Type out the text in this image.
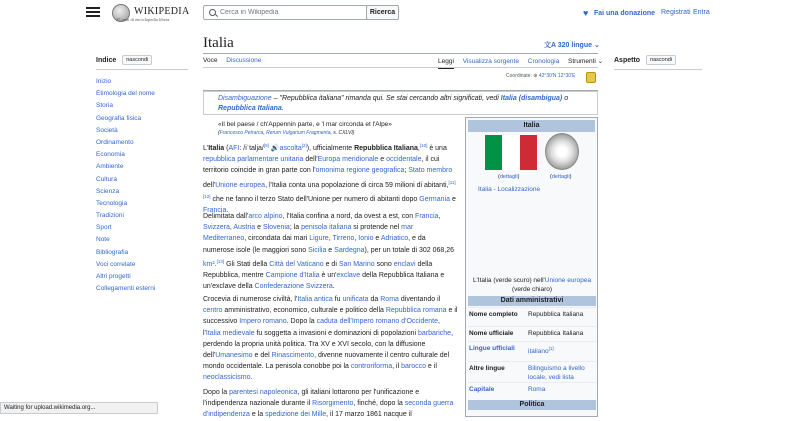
WIKIPEDIA
25 anni di enciclopedia libera
Cerca in Wikipedia
Ricerca	♥ Fai una donazione Registrati Entra
Indice	nascondi
Inizio
Etimologia del nome
Storia
Geografia fisica
Società
Ordinamento
Economia
Ambiente
Cultura
Scienza
Tecnologia
Tradizioni
Sport
Note
Bibliografia
Voci correlate
Altri progetti
Collegamenti esterni
Aspetto	nascondi
Italia	文A 320 lingue ⌄
Voce Discussione	Leggi Visualizza sorgente Cronologia Strumenti ⌄
Coordinate: ⊕ 42°30′N 12°30′E
Disambiguazione – "Repubblica italiana" rimanda qui. Se stai cercando altri significati, vedi Italia (disambigua) o Repubblica Italiana.
«Il bel paese / ch'Appennin parte, e 'l mar circonda et l'Alpe»
(Francesco Petrarca, Rerum Vulgarium Fragmenta, s. CXLVI)

L'Italia (AFI: /iˈtalja/[9] 🔊ascolta[2]), ufficialmente Repubblica Italiana,[10] è una repubblica parlamentare unitaria dell'Europa meridionale e occidentale, il cui territorio coincide in gran parte con l'omonima regione geografica; Stato membro dell'Unione europea, l'Italia conta una popolazione di circa 59 milioni di abitanti,[11][12] che ne fanno il terzo Stato dell'Unione per numero di abitanti dopo Germania e Francia.

Delimitata dall'arco alpino, l'Italia confina a nord, da ovest a est, con Francia, Svizzera, Austria e Slovenia; la penisola italiana si protende nel mar Mediterraneo, circondata dai mari Ligure, Tirreno, Ionio e Adriatico, e da numerose isole (le maggiori sono Sicilia e Sardegna), per un totale di 302 068,26 km².[13] Gli Stati della Città del Vaticano e di San Marino sono enclavi della Repubblica, mentre Campione d'Italia è un'exclave della Repubblica Italiana e un'exclave della Confederazione Svizzera.

Crocevia di numerose civiltà, l'Italia antica fu unificata da Roma diventando il centro amministrativo, economico, culturale e politico della Repubblica romana e il successivo Impero romano. Dopo la caduta dell'Impero romano d'Occidente, l'Italia medievale fu soggetta a invasioni e dominazioni di popolazioni barbariche, perdendo la propria unità politica. Tra XV e XVI secolo, con la diffusione dell'Umanesimo e del Rinascimento, divenne nuovamente il centro culturale del mondo occidentale. La penisola conobbe poi la controriforma, il barocco e il neoclassicismo.

Dopo la parentesi napoleonica, gli italiani lottarono per l'unificazione e l'indipendenza nazionale durante il Risorgimento, finché, dopo la seconda guerra d'indipendenza e la spedizione dei Mille, il 17 marzo 1861 nacque il

Italia
(dettagli)	(dettagli)
Italia - Localizzazione
L'Italia (verde scuro) nell'Unione europea (verde chiaro)
Dati amministrativi
Nome completo	Repubblica Italiana
Nome ufficiale	Repubblica Italiana
Lingue ufficiali	italiano[1]
Altre lingue	Bilinguismo a livello locale, vedi lista
Capitale	Roma
Politica
Waiting for upload.wikimedia.org...
